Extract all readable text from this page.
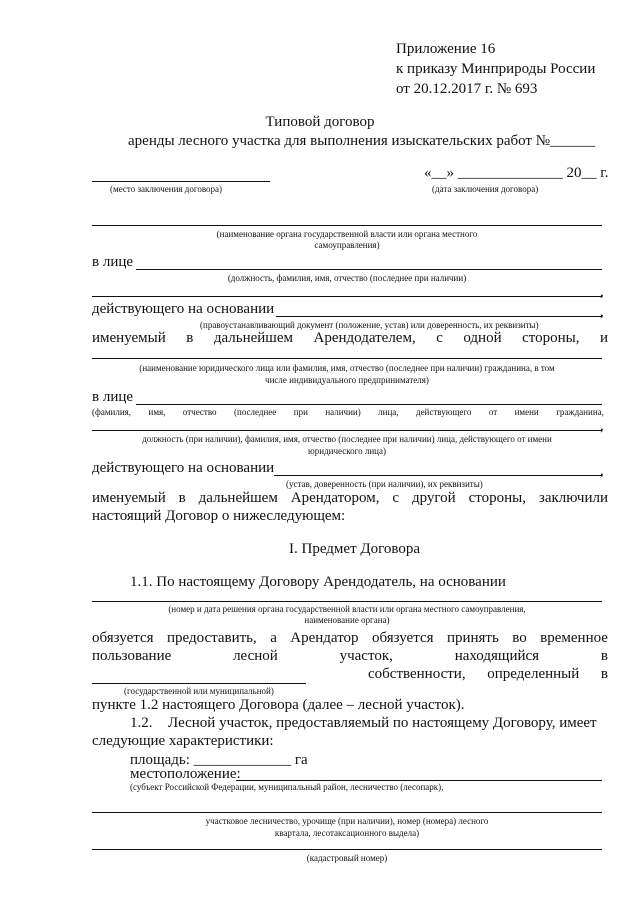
Приложение 16
к приказу Минприроды России
от 20.12.2017 г. № 693
Типовой договор
аренды лесного участка для выполнения изыскательских работ №______
«__» ______________ 20__ г.
(место заключения договора)	(дата заключения договора)
(наименование органа государственной власти или органа местного
самоуправления)
в лице
(должность, фамилия, имя, отчество (последнее при наличии)
,
действующего на основании	,
(правоустанавливающий документ (положение, устав) или доверенность, их реквизиты)
именуемый в дальнейшем Арендодателем, с одной стороны, и
(наименование юридического лица или фамилия, имя, отчество (последнее при наличии) гражданина, в том
числе индивидуального предпринимателя)
в лице
(фамилия, имя, отчество (последнее при наличии) лица, действующего от имени гражданина,
,
должность (при наличии), фамилия, имя, отчество (последнее при наличии) лица, действующего от имени
юридического лица)
действующего на основании	,
(устав, доверенность (при наличии), их реквизиты)
именуемый в дальнейшем Арендатором, с другой стороны, заключили
настоящий Договор о нижеследующем:
I. Предмет Договора
1.1. По настоящему Договору Арендодатель, на основании
(номер и дата решения органа государственной власти или органа местного самоуправления,
наименование органа)
обязуется предоставить, а Арендатор обязуется принять во временное
пользование	лесной	участок,	находящийся	в
собственности, определенный в
(государственной или муниципальной)
пункте 1.2 настоящего Договора (далее – лесной участок).
1.2. Лесной участок, предоставляемый по настоящему Договору, имеет
следующие характеристики:
площадь: _____________ га
местоположение:
(субъект Российской Федерации, муниципальный район, лесничество (лесопарк),
участковое лесничество, урочище (при наличии), номер (номера) лесного
квартала, лесотаксационного выдела)
(кадастровый номер)
